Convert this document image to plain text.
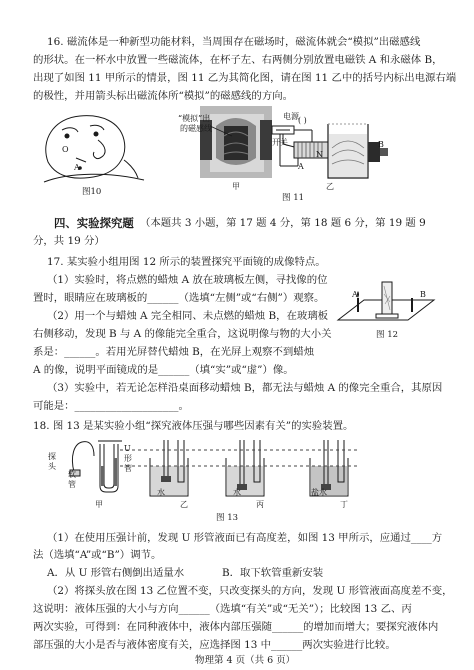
16. 磁流体是一种新型功能材料，当周围存在磁场时，磁流体就会“模拟”出磁感线
的形状。在一杯水中放置一些磁流体，在杯子左、右两侧分别放置电磁铁 A 和永磁体 B，
出现了如图 11 甲所示的情景，图 11 乙为其简化图，请在图 11 乙中的括号内标出电源右端
的极性，并用箭头标出磁流体所“模拟”的磁感线的方向。
O
A
图10
“模拟”出
的磁感线
甲
电源 ( )
开关
N
A
B
乙
图 11
四、实验探究题 （本题共 3 小题，第 17 题 4 分，第 18 题 6 分，第 19 题 9
分，共 19 分）
17. 某实验小组用图 12 所示的装置探究平面镜的成像特点。
（1）实验时，将点燃的蜡烛 A 放在玻璃板左侧，寻找像的位
置时，眼睛应在玻璃板的______（选填“左侧”或“右侧”）观察。
（2）用一个与蜡烛 A 完全相同、未点燃的蜡烛 B，在玻璃板
右侧移动，发现 B 与 A 的像能完全重合，这说明像与物的大小关
系是：______。若用光屏替代蜡烛 B，在光屏上观察不到蜡烛
A 的像，说明平面镜成的是______（填“实”或“虚”）像。
（3）实验中，若无论怎样沿桌面移动蜡烛 B，都无法与蜡烛 A 的像完全重合，其原因
可能是：____________________。
A	B
图 12
18. 图 13 是某实验小组“探究液体压强与哪些因素有关”的实验装置。
探
头
软
管
U
形
管
水	水	盐水
甲	乙	丙	丁
图 13
（1）在使用压强计前，发现 U 形管液面已有高度差，如图 13 甲所示，应通过____方
法（选填“A”或“B”）调节。
A．从 U 形管右侧倒出适量水	B．取下软管重新安装
（2）将探头放在图 13 乙位置不变，只改变探头的方向，发现 U 形管液面高度差不变，
这说明：液体压强的大小与方向______（选填“有关”或“无关”）；比较图 13 乙、丙
两次实验，可得到：在同种液体中，液体内部压强随______的增加而增大；要探究液体内
部压强的大小是否与液体密度有关，应选择图 13 中______两次实验进行比较。
物理第 4 页（共 6 页）
